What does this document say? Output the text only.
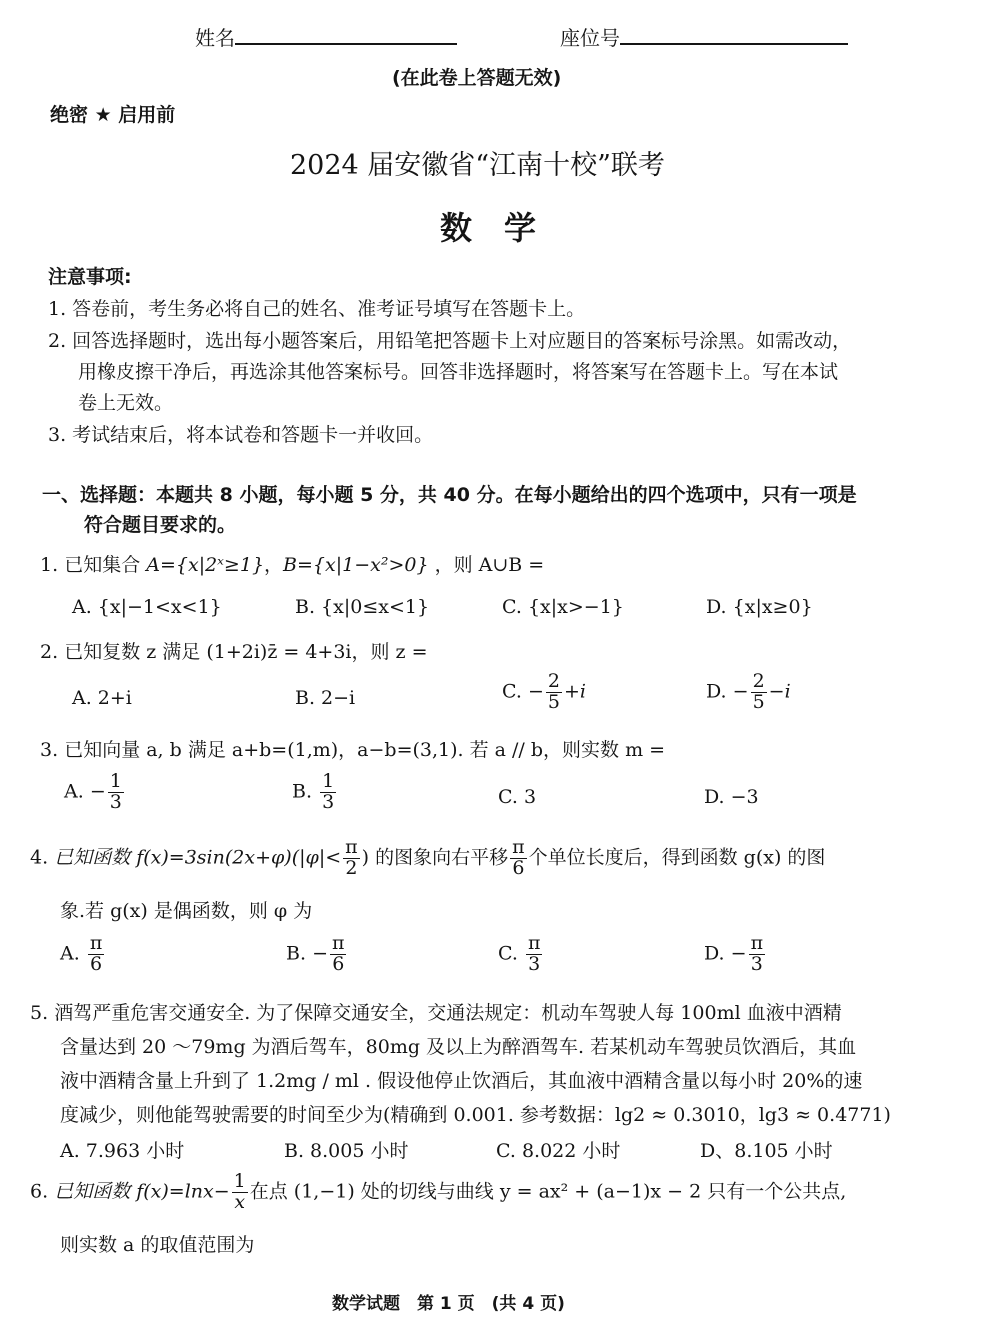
姓名	座位号
(在此卷上答题无效)
绝密 ★ 启用前
2024 届安徽省“江南十校”联考
数　学
注意事项:
1. 答卷前，考生务必将自己的姓名、准考证号填写在答题卡上。
2. 回答选择题时，选出每小题答案后，用铅笔把答题卡上对应题目的答案标号涂黑。如需改动，
用橡皮擦干净后，再选涂其他答案标号。回答非选择题时，将答案写在答题卡上。写在本试
卷上无效。
3. 考试结束后，将本试卷和答题卡一并收回。
一、选择题：本题共 8 小题，每小题 5 分，共 40 分。在每小题给出的四个选项中，只有一项是
符合题目要求的。
1. 已知集合 A={x|2ˣ≥1}，B={x|1−x²>0} ，则 A∪B =
A. {x|−1<x<1}	B. {x|0≤x<1}	C. {x|x>−1}	D. {x|x≥0}
2. 已知复数 z 满足 (1+2i)z̄ = 4+3i，则 z =
A. 2+i	B. 2−i	C. − $\frac{2}{5} +i$	D. − $\frac{2}{5} -i$
3. 已知向量 a, b 满足 a+b=(1,m)，a−b=(3,1). 若 a // b，则实数 m =
A. − $\frac{1}{3}$	B. $\frac{1}{3}$	C. 3	D. −3
4. 已知函数 $f(x)=3\sin(2x+\varphi)(|\varphi|< \frac{\pi}{2}$ ) 的图象向右平移 $\frac{\pi}{6}$ 个单位长度后，得到函数 g(x) 的图
象.若 g(x) 是偶函数，则 φ 为
A. $\frac{\pi}{6}$	B. − $\frac{\pi}{6}$	C. $\frac{\pi}{3}$	D. − $\frac{\pi}{3}$
5. 酒驾严重危害交通安全. 为了保障交通安全，交通法规定：机动车驾驶人每 100ml 血液中酒精
含量达到 20 ～79mg 为酒后驾车，80mg 及以上为醉酒驾车. 若某机动车驾驶员饮酒后，其血
液中酒精含量上升到了 1.2mg / ml . 假设他停止饮酒后，其血液中酒精含量以每小时 20%的速
度减少，则他能驾驶需要的时间至少为(精确到 0.001. 参考数据：lg2 ≈ 0.3010，lg3 ≈ 0.4771)
A. 7.963 小时	B. 8.005 小时	C. 8.022 小时	D、8.105 小时
6. 已知函数 $f(x)=\ln x- \frac{1}{x}$ 在点 (1,−1) 处的切线与曲线 y = ax² + (a−1)x − 2 只有一个公共点,
则实数 a 的取值范围为
数学试题　第 1 页　(共 4 页)
